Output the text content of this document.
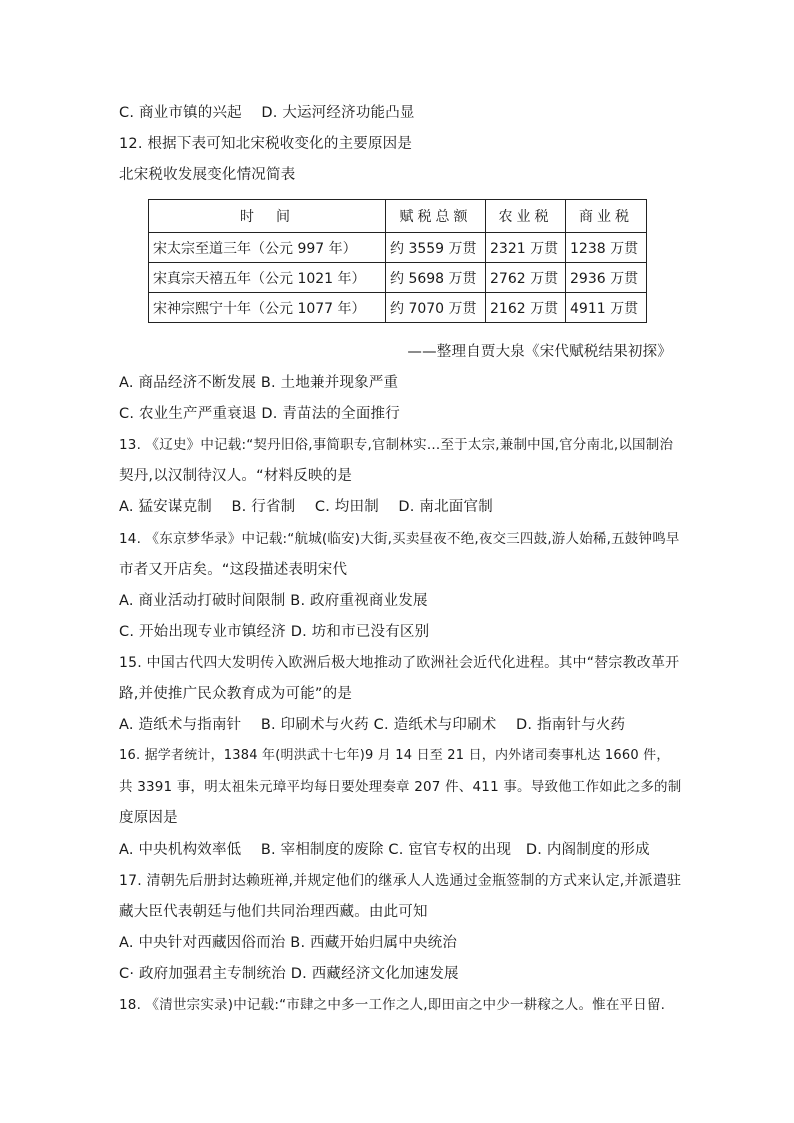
C. 商业市镇的兴起　 D. 大运河经济功能凸显
12. 根据下表可知北宋税收变化的主要原因是
北宋税收发展变化情况简表
时　间	赋税总额	农业税	商业税
宋太宗至道三年（公元 997 年）	约 3559 万贯	2321 万贯	1238 万贯
宋真宗天禧五年（公元 1021 年）	约 5698 万贯	2762 万贯	2936 万贯
宋神宗熙宁十年（公元 1077 年）	约 7070 万贯	2162 万贯	4911 万贯
——整理自贾大泉《宋代赋税结果初探》
A. 商品经济不断发展 B. 土地兼并现象严重
C. 农业生产严重衰退 D. 青苗法的全面推行
13. 《辽史》中记载:“契丹旧俗,事简职专,官制林实…至于太宗,兼制中国,官分南北,以国制治
契丹,以汉制待汉人。“材料反映的是
A. 猛安谋克制　 B. 行省制　 C. 均田制　 D. 南北面官制
14. 《东京梦华录》中记载:“航城(临安)大街,买卖昼夜不绝,夜交三四鼓,游人始稀,五鼓钟鸣早
市者又开店矣。“这段描述表明宋代
A. 商业活动打破时间限制 B. 政府重视商业发展
C. 开始出现专业市镇经济 D. 坊和市已没有区别
15. 中国古代四大发明传入欧洲后极大地推动了欧洲社会近代化进程。其中“替宗教改革开
路,并使推广民众教育成为可能”的是
A. 造纸术与指南针　 B. 印刷术与火药 C. 造纸术与印刷术　 D. 指南针与火药
16. 据学者统计，1384 年(明洪武十七年)9 月 14 日至 21 日，内外诸司奏事札达 1660 件，
共 3391 事，明太祖朱元璋平均每日要处理奏章 207 件、411 事。导致他工作如此之多的制
度原因是
A. 中央机构效率低　 B. 宰相制度的废除 C. 宦官专权的出现　D. 内阁制度的形成
17. 清朝先后册封达赖班禅,并规定他们的继承人人选通过金瓶签制的方式来认定,并派遣驻
藏大臣代表朝廷与他们共同治理西藏。由此可知
A. 中央针对西藏因俗而治 B. 西藏开始归属中央统治
C· 政府加强君主专制统治 D. 西藏经济文化加速发展
18. 《清世宗实录)中记载:“市肆之中多一工作之人,即田亩之中少一耕稼之人。惟在平日留.
